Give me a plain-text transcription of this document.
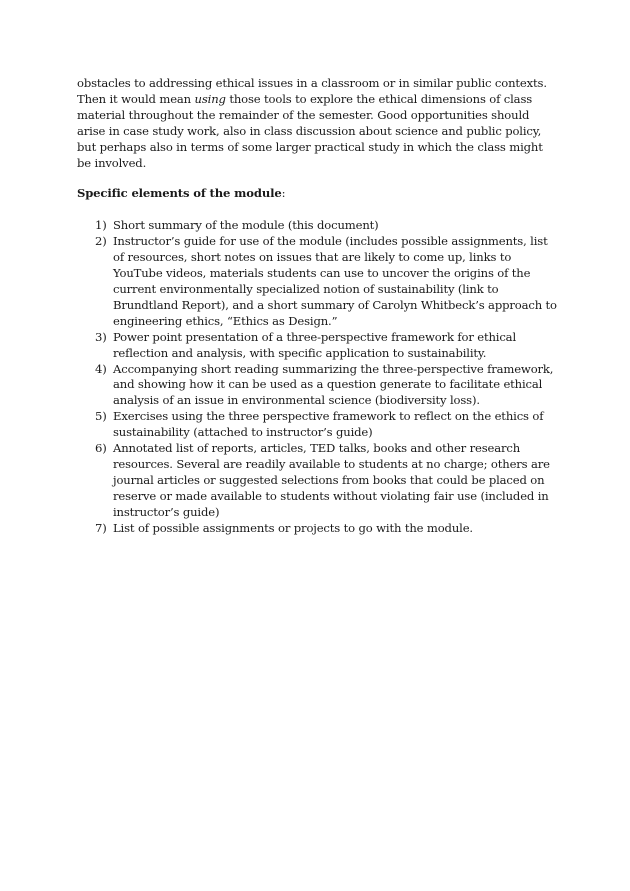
obstacles to addressing ethical issues in a classroom or in similar public contexts. Then it would mean using those tools to explore the ethical dimensions of class material throughout the remainder of the semester. Good opportunities should arise in case study work, also in class discussion about science and public policy, but perhaps also in terms of some larger practical study in which the class might be involved.

Specific elements of the module:

1) Short summary of the module (this document)
2) Instructor’s guide for use of the module (includes possible assignments, list of resources, short notes on issues that are likely to come up, links to YouTube videos, materials students can use to uncover the origins of the current environmentally specialized notion of sustainability (link to Brundtland Report), and a short summary of Carolyn Whitbeck’s approach to engineering ethics, “Ethics as Design.”
3) Power point presentation of a three-perspective framework for ethical reflection and analysis, with specific application to sustainability.
4) Accompanying short reading summarizing the three-perspective framework, and showing how it can be used as a question generate to facilitate ethical analysis of an issue in environmental science (biodiversity loss).
5) Exercises using the three perspective framework to reflect on the ethics of sustainability (attached to instructor’s guide)
6) Annotated list of reports, articles, TED talks, books and other research resources. Several are readily available to students at no charge; others are journal articles or suggested selections from books that could be placed on reserve or made available to students without violating fair use (included in instructor’s guide)
7) List of possible assignments or projects to go with the module.
